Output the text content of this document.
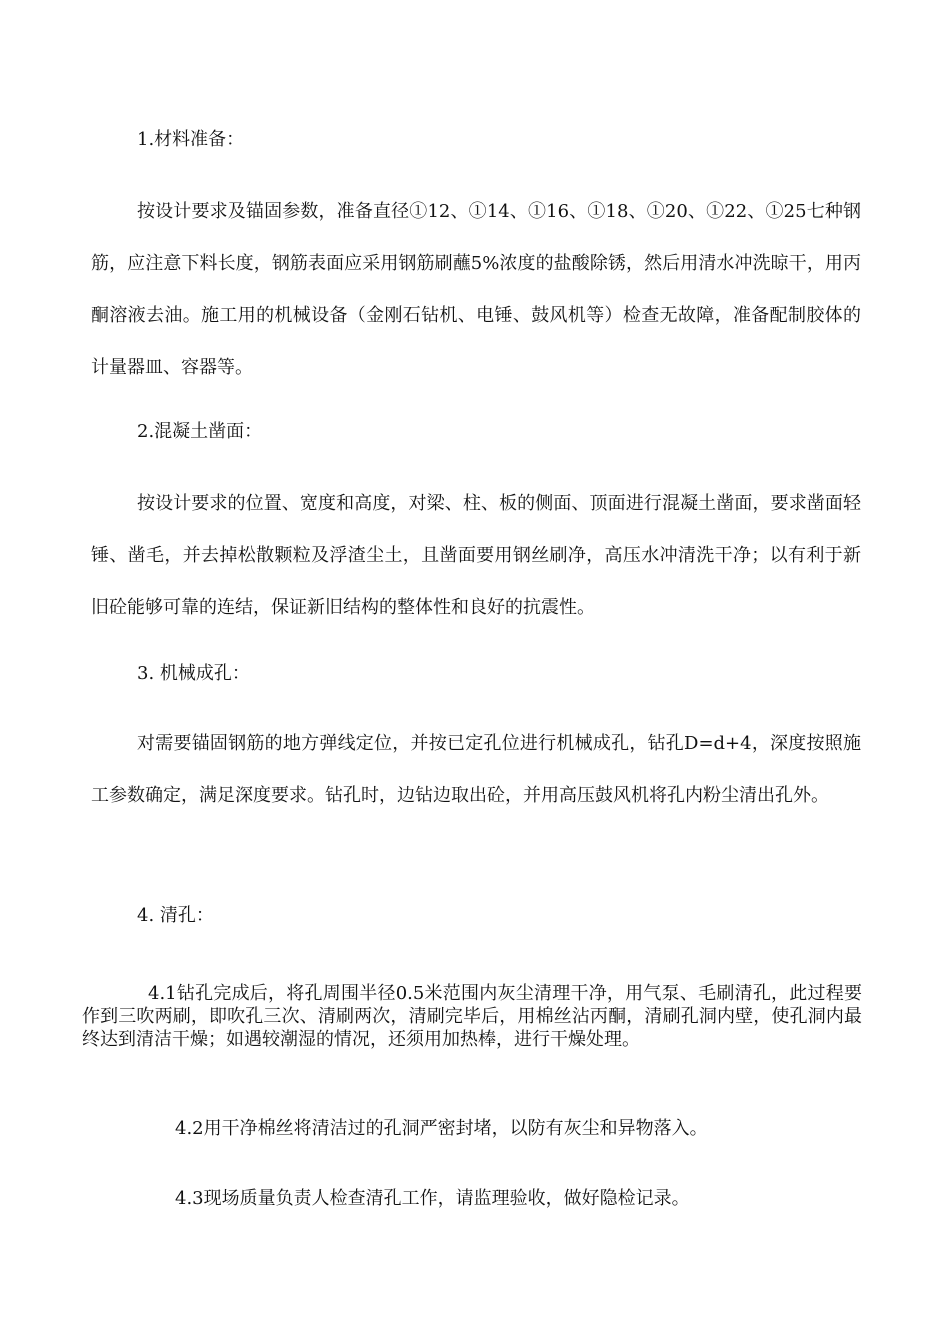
1.材料准备：

按设计要求及锚固参数，准备直径①12、①14、①16、①18、①20、①22、①25七种钢筋，应注意下料长度，钢筋表面应采用钢筋刷蘸5%浓度的盐酸除锈，然后用清水冲洗晾干，用丙酮溶液去油。施工用的机械设备（金刚石钻机、电锤、鼓风机等）检查无故障，准备配制胶体的计量器皿、容器等。

2.混凝土凿面：

按设计要求的位置、宽度和高度，对梁、柱、板的侧面、顶面进行混凝土凿面，要求凿面轻锤、凿毛，并去掉松散颗粒及浮渣尘土，且凿面要用钢丝刷净，高压水冲清洗干净；以有利于新旧砼能够可靠的连结，保证新旧结构的整体性和良好的抗震性。

3. 机械成孔：

对需要锚固钢筋的地方弹线定位，并按已定孔位进行机械成孔，钻孔D=d+4，深度按照施工参数确定，满足深度要求。钻孔时，边钻边取出砼，并用高压鼓风机将孔内粉尘清出孔外。

4. 清孔：

4.1钻孔完成后，将孔周围半径0.5米范围内灰尘清理干净，用气泵、毛刷清孔，此过程要作到三吹两刷，即吹孔三次、清刷两次，清刷完毕后，用棉丝沾丙酮，清刷孔洞内壁，使孔洞内最终达到清洁干燥；如遇较潮湿的情况，还须用加热棒，进行干燥处理。

4.2用干净棉丝将清洁过的孔洞严密封堵，以防有灰尘和异物落入。
4.3现场质量负责人检查清孔工作，请监理验收，做好隐检记录。
